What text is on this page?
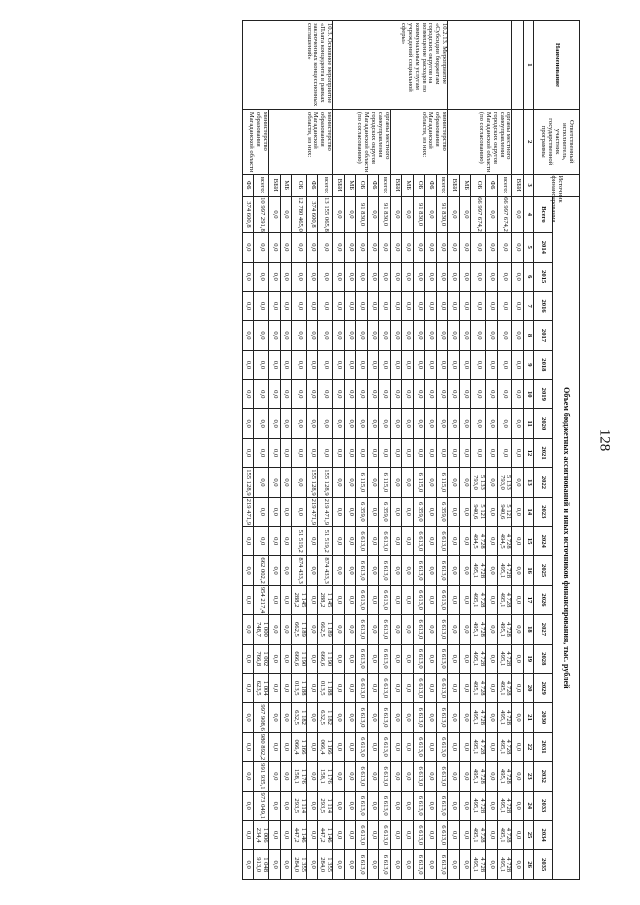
128
Наименование	Ответственный исполнитель, участник государственной программы	Источник финансирования	Объем бюджетных ассигнований и иных источников финансирования, тыс. рублей																						

			Всего	2014	2015	2016	2017	2018	2019	2020	2021	2022	2023	2024	2025	2026	2027	2028	2029	2030	2031	2032	2033	2034	2035
1	2	3	4	5	6	7	8	9	10	11	12	13	14	15	16	17	18	19	20	21	22	23	24	25	26
		ВБИ	0,0	0,0	0,0	0,0	0,0	0,0	0,0	0,0	0,0	0,0	0,0	0,0	0,0	0,0	0,0	0,0	0,0	0,0	0,0	0,0	0,0	0,0	0,0
	органы местного самоуправления городских округов Магаданской области (по согласованию)	всего:	66 997 674,2	0,0	0,0	0,0	0,0	0,0	0,0	0,0	0,0	5 133 793,0	5 121 940,6	4 728 494,5	4 728 495,1	4 728 495,1	4 728 495,1	4 728 495,1	4 728 495,1	4 728 495,1	4 728 495,1	4 728 495,1	4 728 495,1	4 728 495,1	4 728 495,1
		ФБ	0,0	0,0	0,0	0,0	0,0	0,0	0,0	0,0	0,0	0,0	0,0	0,0	0,0	0,0	0,0	0,0	0,0	0,0	0,0	0,0	0,0	0,0	0,0
		ОБ	66 997 674,2	0,0	0,0	0,0	0,0	0,0	0,0	0,0	0,0	5 133 793,0	5 121 940,6	4 728 494,5	4 728 495,1	4 728 495,1	4 728 495,1	4 728 495,1	4 728 495,1	4 728 495,1	4 728 495,1	4 728 495,1	4 728 495,1	4 728 495,1	4 728 495,1
		МБ	0,0	0,0	0,0	0,0	0,0	0,0	0,0	0,0	0,0	0,0	0,0	0,0	0,0	0,0	0,0	0,0	0,0	0,0	0,0	0,0	0,0	0,0	0,0
		ВБИ	0,0	0,0	0,0	0,0	0,0	0,0	0,0	0,0	0,0	0,0	0,0	0,0	0,0	0,0	0,0	0,0	0,0	0,0	0,0	0,0	0,0	0,0	0,0
10.2.13. Мероприятие «Субсидии бюджетам городских округов на возмещение расходов по коммунальным услугам учреждений социальной сферы»	министерство образования Магаданской области, из них:	всего:	91 830,0	0,0	0,0	0,0	0,0	0,0	0,0	0,0	0,0	6 115,0	6 359,0	6 613,0	6 613,0	6 613,0	6 613,0	6 613,0	6 613,0	6 613,0	6 613,0	6 613,0	6 613,0	6 613,0	6 613,0
		ФБ	0,0	0,0	0,0	0,0	0,0	0,0	0,0	0,0	0,0	0,0	0,0	0,0	0,0	0,0	0,0	0,0	0,0	0,0	0,0	0,0	0,0	0,0	0,0
		ОБ	91 830,0	0,0	0,0	0,0	0,0	0,0	0,0	0,0	0,0	6 115,0	6 359,0	6 613,0	6 613,0	6 613,0	6 613,0	6 613,0	6 613,0	6 613,0	6 613,0	6 613,0	6 613,0	6 613,0	6 613,0
		МБ	0,0	0,0	0,0	0,0	0,0	0,0	0,0	0,0	0,0	0,0	0,0	0,0	0,0	0,0	0,0	0,0	0,0	0,0	0,0	0,0	0,0	0,0	0,0
		ВБИ	0,0	0,0	0,0	0,0	0,0	0,0	0,0	0,0	0,0	0,0	0,0	0,0	0,0	0,0	0,0	0,0	0,0	0,0	0,0	0,0	0,0	0,0	0,0
	органы местного самоуправления городских округов Магаданской области (по согласованию)	всего:	91 830,0	0,0	0,0	0,0	0,0	0,0	0,0	0,0	0,0	6 115,0	6 359,0	6 613,0	6 613,0	6 613,0	6 613,0	6 613,0	6 613,0	6 613,0	6 613,0	6 613,0	6 613,0	6 613,0	6 613,0
		ФБ	0,0	0,0	0,0	0,0	0,0	0,0	0,0	0,0	0,0	0,0	0,0	0,0	0,0	0,0	0,0	0,0	0,0	0,0	0,0	0,0	0,0	0,0	0,0
		ОБ	91 830,0	0,0	0,0	0,0	0,0	0,0	0,0	0,0	0,0	6 115,0	6 359,0	6 613,0	6 613,0	6 613,0	6 613,0	6 613,0	6 613,0	6 613,0	6 613,0	6 613,0	6 613,0	6 613,0	6 613,0
		МБ	0,0	0,0	0,0	0,0	0,0	0,0	0,0	0,0	0,0	0,0	0,0	0,0	0,0	0,0	0,0	0,0	0,0	0,0	0,0	0,0	0,0	0,0	0,0
		ВБИ	0,0	0,0	0,0	0,0	0,0	0,0	0,0	0,0	0,0	0,0	0,0	0,0	0,0	0,0	0,0	0,0	0,0	0,0	0,0	0,0	0,0	0,0	0,0
10.3. Основное мероприятие «Плата концедента в рамках заключенных концессионных соглашений»	министерство образования Магаданской области, из них:	всего:	13 155 065,8	0,0	0,0	0,0	0,0	0,0	0,0	0,0	0,0	155 128,9	219 471,9	51 519,2	874 433,3	1 145 288,2	1 189 662,5	1 190 666,6	1 188 013,5	1 182 632,5	1 166 066,4	1 176 158,1	1 114 293,5	1 146 447,2	1 355 284,0
		ФБ	374 600,8	0,0	0,0	0,0	0,0	0,0	0,0	0,0	0,0	155 128,9	219 471,9	0,0	0,0	0,0	0,0	0,0	0,0	0,0	0,0	0,0	0,0	0,0	0,0
		ОБ	12 780 465,0	0,0	0,0	0,0	0,0	0,0	0,0	0,0	0,0	0,0	0,0	51 519,2	874 433,3	1 145 288,2	1 189 662,5	1 190 666,6	1 188 013,5	1 182 632,5	1 166 066,4	1 176 158,1	1 114 293,5	1 146 447,2	1 355 284,0
		МБ	0,0	0,0	0,0	0,0	0,0	0,0	0,0	0,0	0,0	0,0	0,0	0,0	0,0	0,0	0,0	0,0	0,0	0,0	0,0	0,0	0,0	0,0	0,0
		ВБИ	0,0	0,0	0,0	0,0	0,0	0,0	0,0	0,0	0,0	0,0	0,0	0,0	0,0	0,0	0,0	0,0	0,0	0,0	0,0	0,0	0,0	0,0	0,0
	министерство образования Магаданской области	всего:	10 997 291,8	0,0	0,0	0,0	0,0	0,0	0,0	0,0	0,0	0,0	0,0	0,0	662 002,2	954 217,4	1 000 748,7	1 002 766,8	1 004 623,5	997 908,6	980 892,2	991 935,1	973 049,1	1 006 234,4	1 048 913,0
		ФБ	374 600,8	0,0	0,0	0,0	0,0	0,0	0,0	0,0	0,0	155 128,9	219 471,9	0,0	0,0	0,0	0,0	0,0	0,0	0,0	0,0	0,0	0,0	0,0	0,0
